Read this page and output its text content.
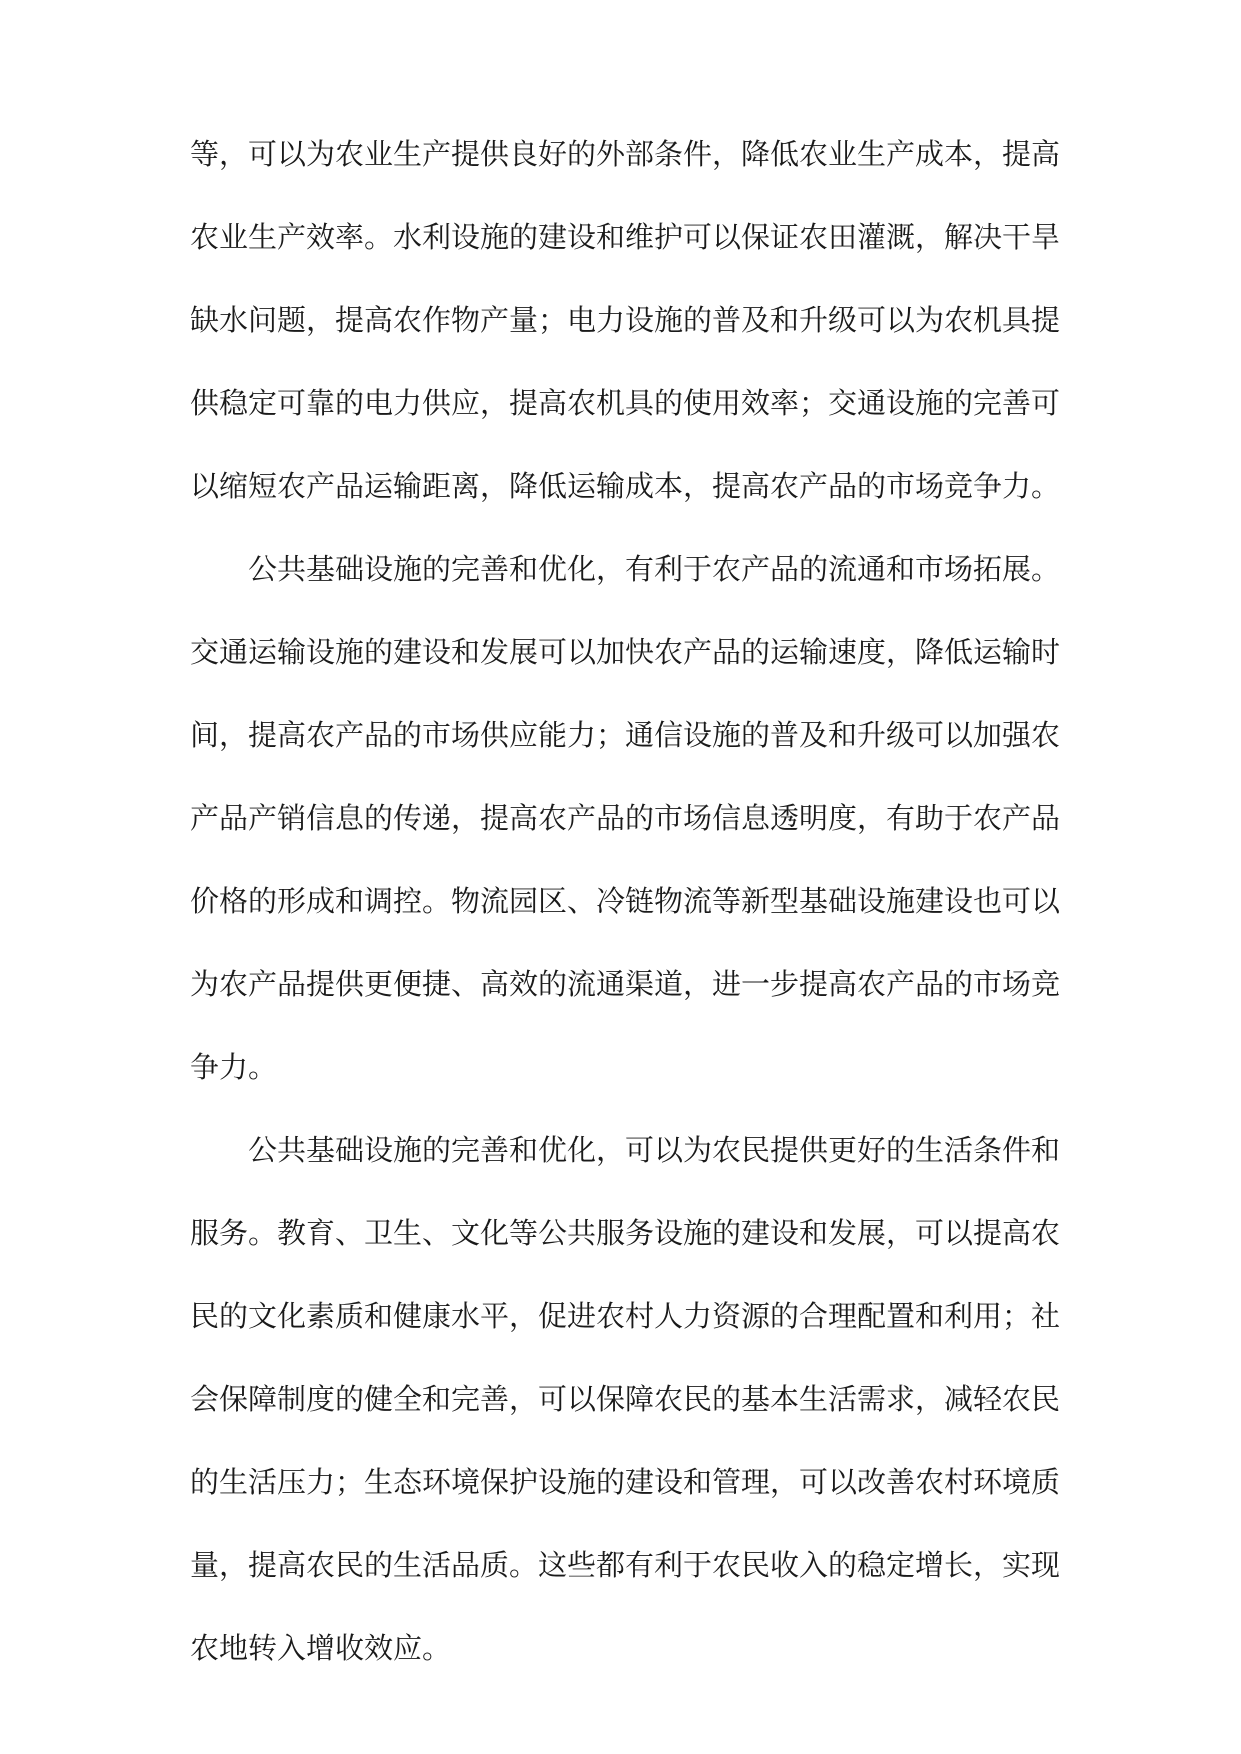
等，可以为农业生产提供良好的外部条件，降低农业生产成本，提高
农业生产效率。水利设施的建设和维护可以保证农田灌溉，解决干旱
缺水问题，提高农作物产量；电力设施的普及和升级可以为农机具提
供稳定可靠的电力供应，提高农机具的使用效率；交通设施的完善可
以缩短农产品运输距离，降低运输成本，提高农产品的市场竞争力。
公共基础设施的完善和优化，有利于农产品的流通和市场拓展。
交通运输设施的建设和发展可以加快农产品的运输速度，降低运输时
间，提高农产品的市场供应能力；通信设施的普及和升级可以加强农
产品产销信息的传递，提高农产品的市场信息透明度，有助于农产品
价格的形成和调控。物流园区、冷链物流等新型基础设施建设也可以
为农产品提供更便捷、高效的流通渠道，进一步提高农产品的市场竞
争力。
公共基础设施的完善和优化，可以为农民提供更好的生活条件和
服务。教育、卫生、文化等公共服务设施的建设和发展，可以提高农
民的文化素质和健康水平，促进农村人力资源的合理配置和利用；社
会保障制度的健全和完善，可以保障农民的基本生活需求，减轻农民
的生活压力；生态环境保护设施的建设和管理，可以改善农村环境质
量，提高农民的生活品质。这些都有利于农民收入的稳定增长，实现
农地转入增收效应。
